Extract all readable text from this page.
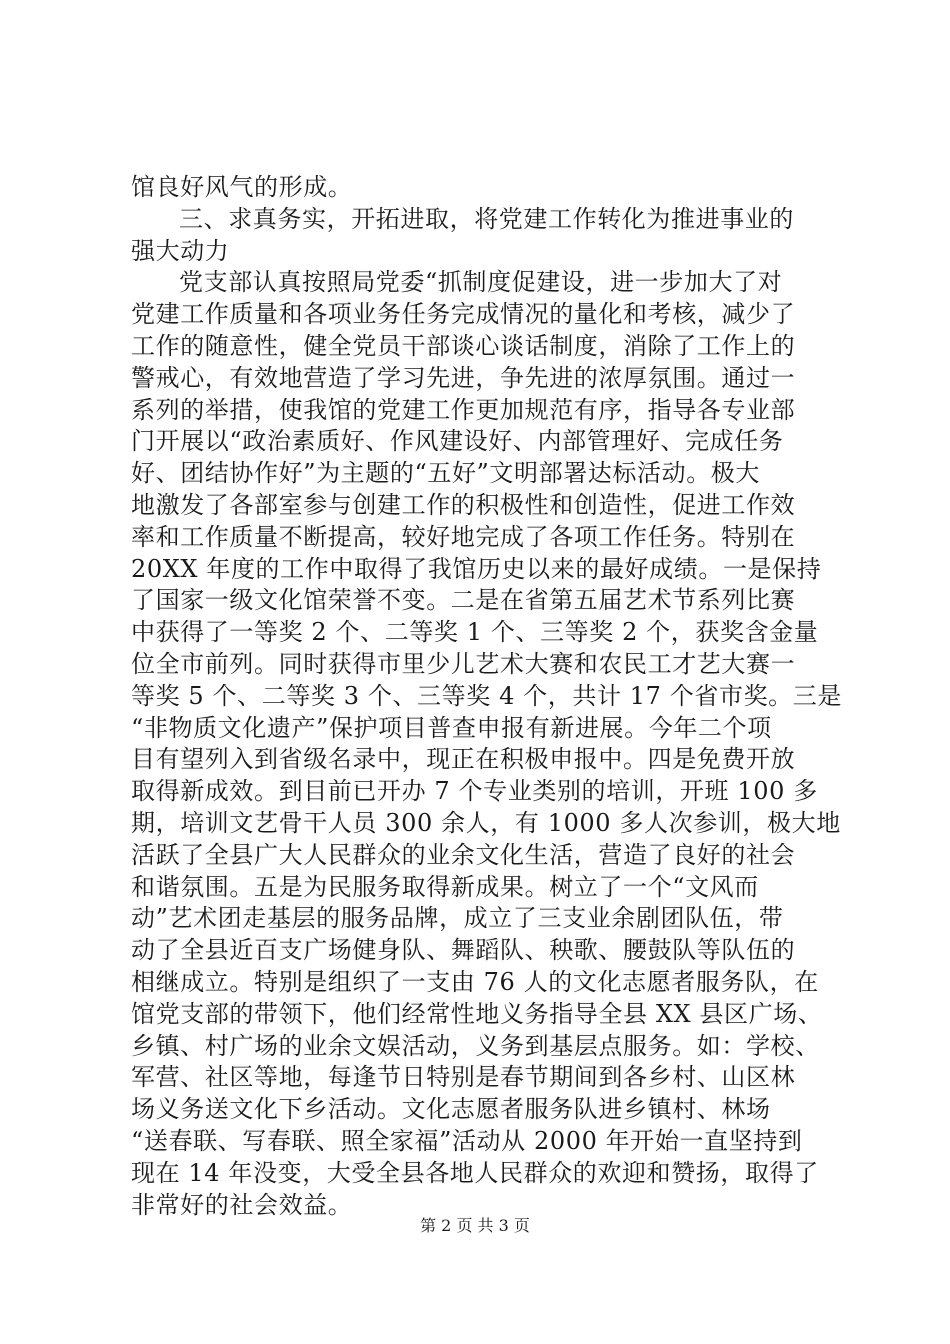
馆良好风气的形成。
三、求真务实，开拓进取，将党建工作转化为推进事业的
强大动力
党支部认真按照局党委“抓制度促建设，进一步加大了对
党建工作质量和各项业务任务完成情况的量化和考核，减少了
工作的随意性，健全党员干部谈心谈话制度，消除了工作上的
警戒心，有效地营造了学习先进，争先进的浓厚氛围。通过一
系列的举措，使我馆的党建工作更加规范有序，指导各专业部
门开展以“政治素质好、作风建设好、内部管理好、完成任务
好、团结协作好”为主题的“五好”文明部署达标活动。极大
地激发了各部室参与创建工作的积极性和创造性，促进工作效
率和工作质量不断提高，较好地完成了各项工作任务。特别在
20XX 年度的工作中取得了我馆历史以来的最好成绩。一是保持
了国家一级文化馆荣誉不变。二是在省第五届艺术节系列比赛
中获得了一等奖 2 个、二等奖 1 个、三等奖 2 个，获奖含金量
位全市前列。同时获得市里少儿艺术大赛和农民工才艺大赛一
等奖 5 个、二等奖 3 个、三等奖 4 个，共计 17 个省市奖。三是
“非物质文化遗产”保护项目普查申报有新进展。今年二个项
目有望列入到省级名录中，现正在积极申报中。四是免费开放
取得新成效。到目前已开办 7 个专业类别的培训，开班 100 多
期，培训文艺骨干人员 300 余人，有 1000 多人次参训，极大地
活跃了全县广大人民群众的业余文化生活，营造了良好的社会
和谐氛围。五是为民服务取得新成果。树立了一个“文风而
动”艺术团走基层的服务品牌，成立了三支业余剧团队伍，带
动了全县近百支广场健身队、舞蹈队、秧歌、腰鼓队等队伍的
相继成立。特别是组织了一支由 76 人的文化志愿者服务队，在
馆党支部的带领下，他们经常性地义务指导全县 XX 县区广场、
乡镇、村广场的业余文娱活动，义务到基层点服务。如：学校、
军营、社区等地，每逢节日特别是春节期间到各乡村、山区林
场义务送文化下乡活动。文化志愿者服务队进乡镇村、林场
“送春联、写春联、照全家福”活动从 2000 年开始一直坚持到
现在 14 年没变，大受全县各地人民群众的欢迎和赞扬，取得了
非常好的社会效益。
第 2 页 共 3 页
